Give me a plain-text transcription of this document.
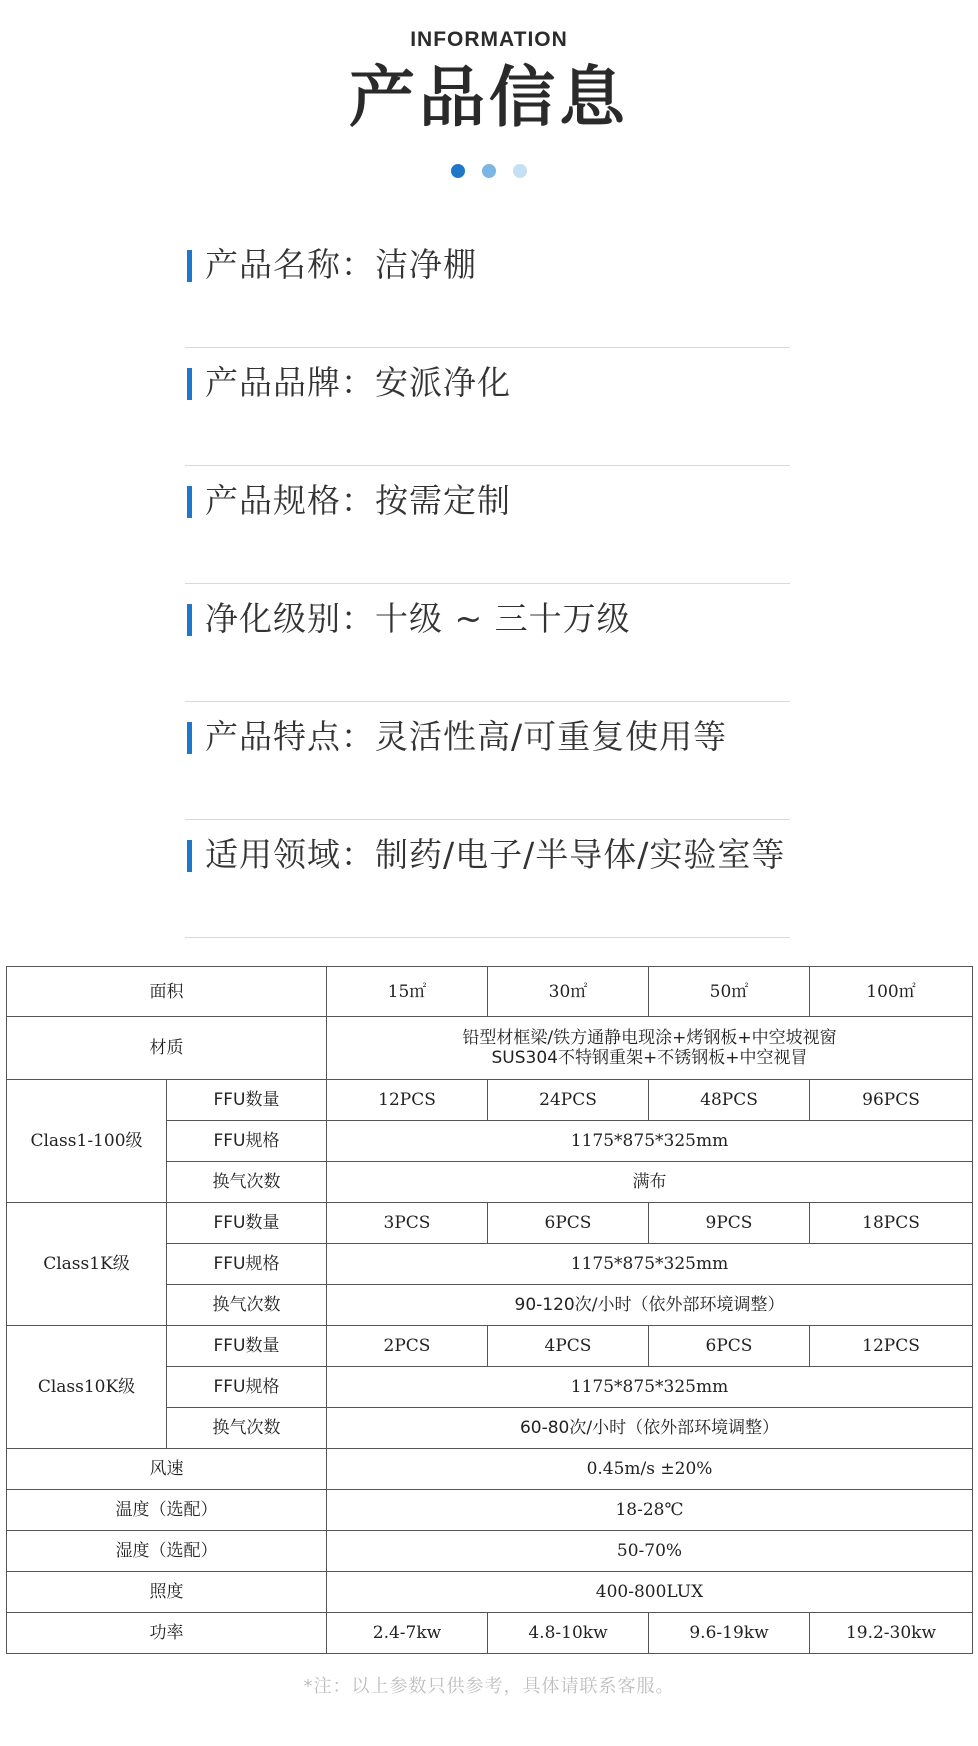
INFORMATION
产品信息
产品名称：洁净棚
产品品牌：安派净化
产品规格：按需定制
净化级别：十级 ~ 三十万级
产品特点：灵活性高/可重复使用等
适用领域：制药/电子/半导体/实验室等
面积		15㎡	30㎡	50㎡	100㎡
材质		铅型材框梁/铁方通静电现涂+烤钢板+中空坡视窗
SUS304不特钢重架+不锈钢板+中空视冒			

Class1-100级	FFU数量	12PCS	24PCS	48PCS	96PCS
	FFU规格	1175*875*325mm			
	换气次数	满布			
Class1K级	FFU数量	3PCS	6PCS	9PCS	18PCS
	FFU规格	1175*875*325mm			
	换气次数	90-120次/小时（依外部环境调整）			
Class10K级	FFU数量	2PCS	4PCS	6PCS	12PCS
	FFU规格	1175*875*325mm			
	换气次数	60-80次/小时（依外部环境调整）			
风速		0.45m/s ±20%			
温度（选配）		18-28℃			
湿度（选配）		50-70%			
照度		400-800LUX			
功率		2.4-7kw	4.8-10kw	9.6-19kw	19.2-30kw
*注：以上参数只供参考，具体请联系客服。
